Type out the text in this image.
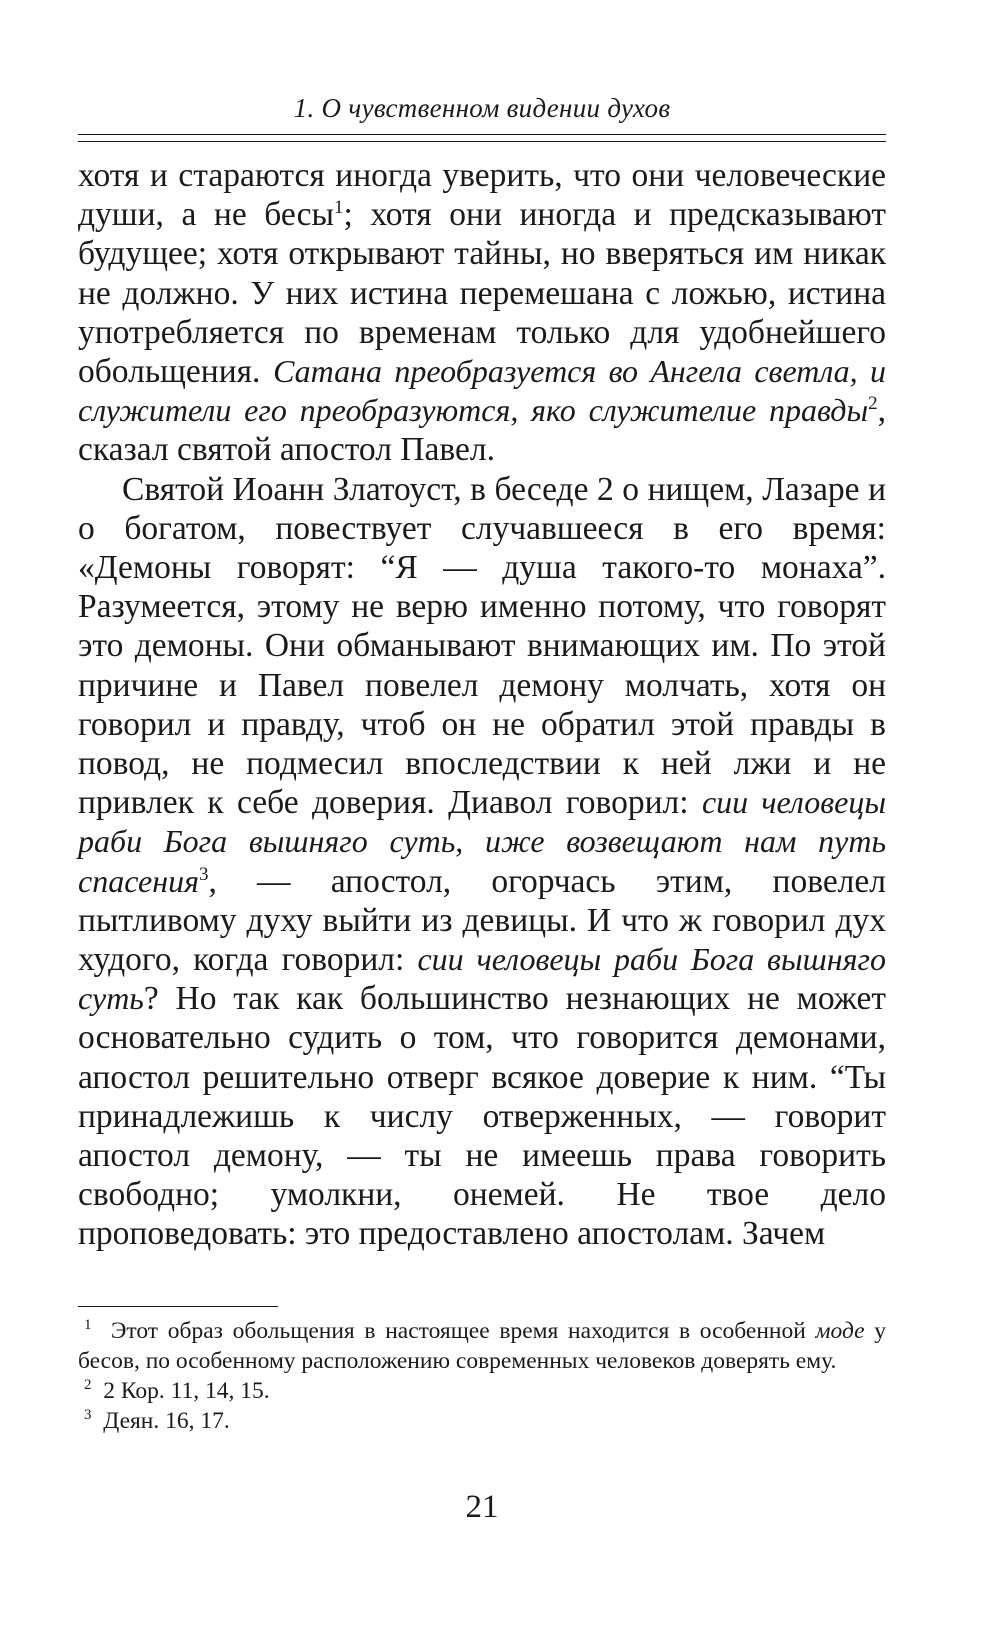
1. О чувственном видении духов

хотя и стараются иногда уверить, что они человеческие души, а не бесы$^1$; хотя они иногда и предсказывают будущее; хотя открывают тайны, но вверяться им никак не должно. У них истина перемешана с ложью, истина употребляется по временам только для удобнейшего обольщения. Сатана преобразуется во Ангела светла, и служители его преобразуются, яко служителие правды$^2$, сказал святой апостол Павел.

Святой Иоанн Златоуст, в беседе 2 о нищем, Лазаре и о богатом, повествует случавшееся в его время: «Демоны говорят: “Я — душа такого-то монаха”. Разумеется, этому не верю именно потому, что говорят это демоны. Они обманывают внимающих им. По этой причине и Павел повелел демону молчать, хотя он говорил и правду, чтоб он не обратил этой правды в повод, не подмесил впоследствии к ней лжи и не привлек к себе доверия. Диавол говорил: сии человецы раби Бога вышняго суть, иже возвещают нам путь спасения$^3$, — апостол, огорчась этим, повелел пытливому духу выйти из девицы. И что ж говорил дух худого, когда говорил: сии человецы раби Бога вышняго суть? Но так как большинство незнающих не может основательно судить о том, что говорится демонами, апостол решительно отверг всякое доверие к ним. “Ты принадлежишь к числу отверженных, — говорит апостол демону, — ты не имеешь права говорить свободно; умолкни, онемей. Не твое дело проповедовать: это предоставлено апостолам. Зачем

$^1$ Этот образ обольщения в настоящее время находится в особенной моде у бесов, по особенному расположению современных человеков доверять ему.

$^2$ 2 Кор. 11, 14, 15.

$^3$ Деян. 16, 17.

21
